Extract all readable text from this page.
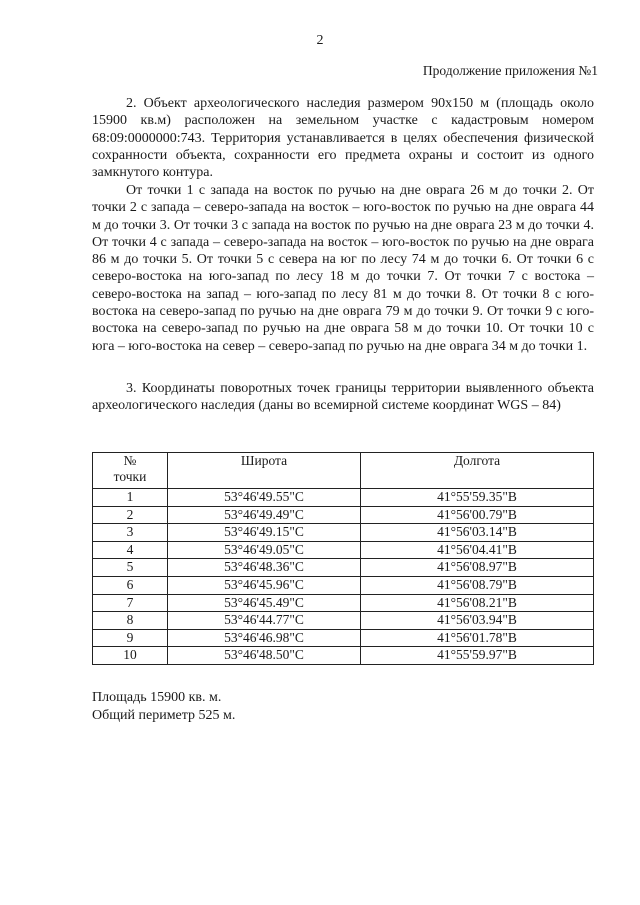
2
Продолжение приложения №1

2. Объект археологического наследия размером 90х150 м (площадь около 15900 кв.м) расположен на земельном участке с кадастровым номером 68:09:0000000:743. Территория устанавливается в целях обеспечения физической сохранности объекта, сохранности его предмета охраны и состоит из одного замкнутого контура.

От точки 1 с запада на восток по ручью на дне оврага 26 м до точки 2. От точки 2 с запада – северо-запада на восток – юго-восток по ручью на дне оврага 44 м до точки 3. От точки 3 с запада на восток по ручью на дне оврага 23 м до точки 4. От точки 4 с запада – северо-запада на восток – юго-восток по ручью на дне оврага 86 м до точки 5. От точки 5 с севера на юг по лесу 74 м до точки 6. От точки 6 с северо-востока на юго-запад по лесу 18 м до точки 7. От точки 7 с востока – северо-востока на запад – юго-запад по лесу 81 м до точки 8. От точки 8 с юго-востока на северо-запад по ручью на дне оврага 79 м до точки 9. От точки 9 с юго-востока на северо-запад по ручью на дне оврага 58 м до точки 10. От точки 10 с юга – юго-востока на север – северо-запад по ручью на дне оврага 34 м до точки 1.

3. Координаты поворотных точек границы территории выявленного объекта археологического наследия (даны во всемирной системе координат WGS – 84)

№
точки	Широта	Долгота
1	53°46'49.55"С	41°55'59.35"В
2	53°46'49.49"С	41°56'00.79"В
3	53°46'49.15"С	41°56'03.14"В
4	53°46'49.05"С	41°56'04.41"В
5	53°46'48.36"С	41°56'08.97"В
6	53°46'45.96"С	41°56'08.79"В
7	53°46'45.49"С	41°56'08.21"В
8	53°46'44.77"С	41°56'03.94"В
9	53°46'46.98"С	41°56'01.78"В
10	53°46'48.50"С	41°55'59.97"В
Площадь 15900 кв. м.
Общий периметр 525 м.
